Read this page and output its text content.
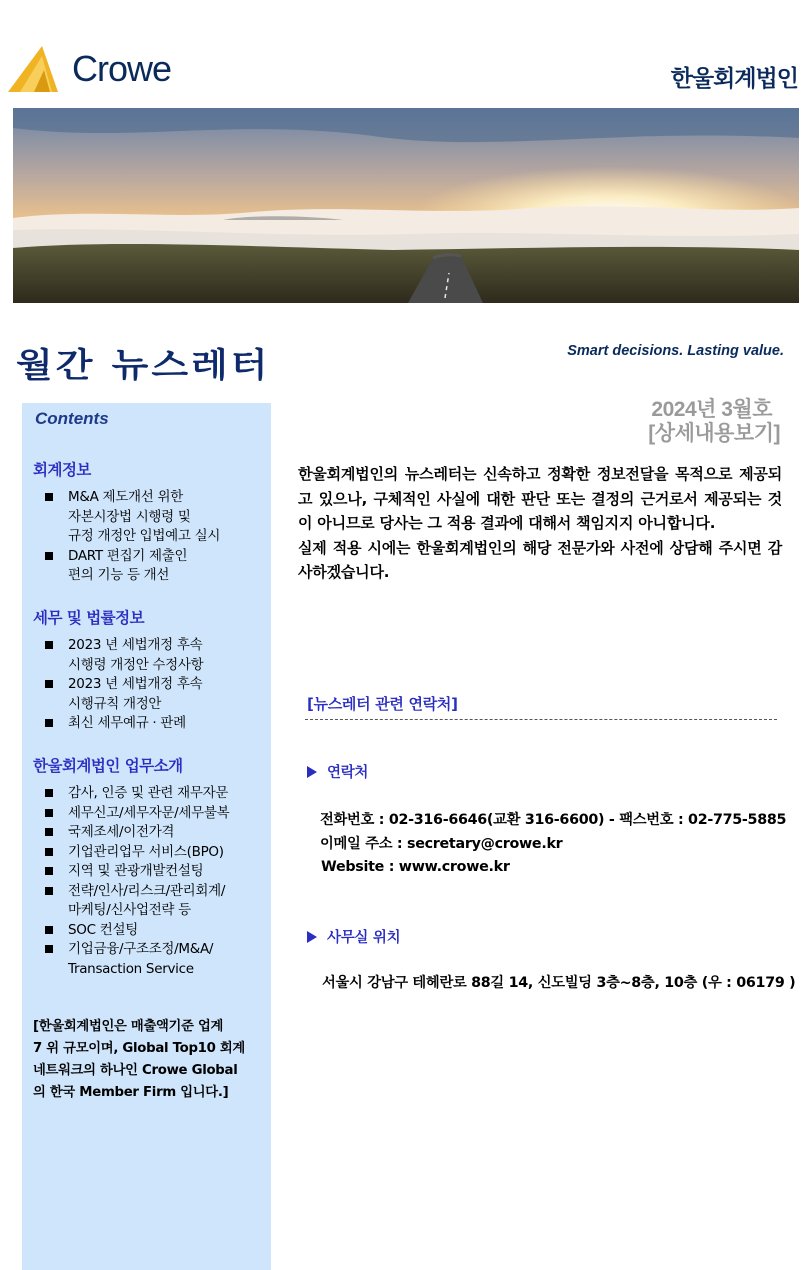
Crowe	한울회계법인
월간 뉴스레터	Smart decisions. Lasting value.
2024년 3월호
[상세내용보기]
Contents
회계정보
M&A 제도개선 위한
자본시장법 시행령 및
규정 개정안 입법예고 실시
DART 편집기 제출인
편의 기능 등 개선
세무 및 법률정보
2023 년 세법개정 후속
시행령 개정안 수정사항
2023 년 세법개정 후속
시행규칙 개정안
최신 세무예규 · 판례
한울회계법인 업무소개
감사, 인증 및 관련 재무자문
세무신고/세무자문/세무불복
국제조세/이전가격
기업관리업무 서비스(BPO)
지역 및 관광개발컨설팅
전략/인사/리스크/관리회계/
마케팅/신사업전략 등
SOC 컨설팅
기업금융/구조조정/M&A/
Transaction Service
[한울회계법인은 매출액기준 업계
7 위 규모이며, Global Top10 회계
네트워크의 하나인 Crowe Global
의 한국 Member Firm 입니다.]

한울회계법인의 뉴스레터는 신속하고 정확한 정보전달을 목적으로 제공되고 있으나, 구체적인 사실에 대한 판단 또는 결정의 근거로서 제공되는 것이 아니므로 당사는 그 적용 결과에 대해서 책임지지 아니합니다.

실제 적용 시에는 한울회계법인의 해당 전문가와 사전에 상담해 주시면 감사하겠습니다.

[뉴스레터 관련 연락처]
연락처
전화번호 : 02-316-6646(교환 316-6600) - 팩스번호 : 02-775-5885
이메일 주소 : secretary@crowe.kr
Website : www.crowe.kr
사무실 위치
서울시 강남구 테헤란로 88길 14, 신도빌딩 3층~8층, 10층 (우 : 06179 )
